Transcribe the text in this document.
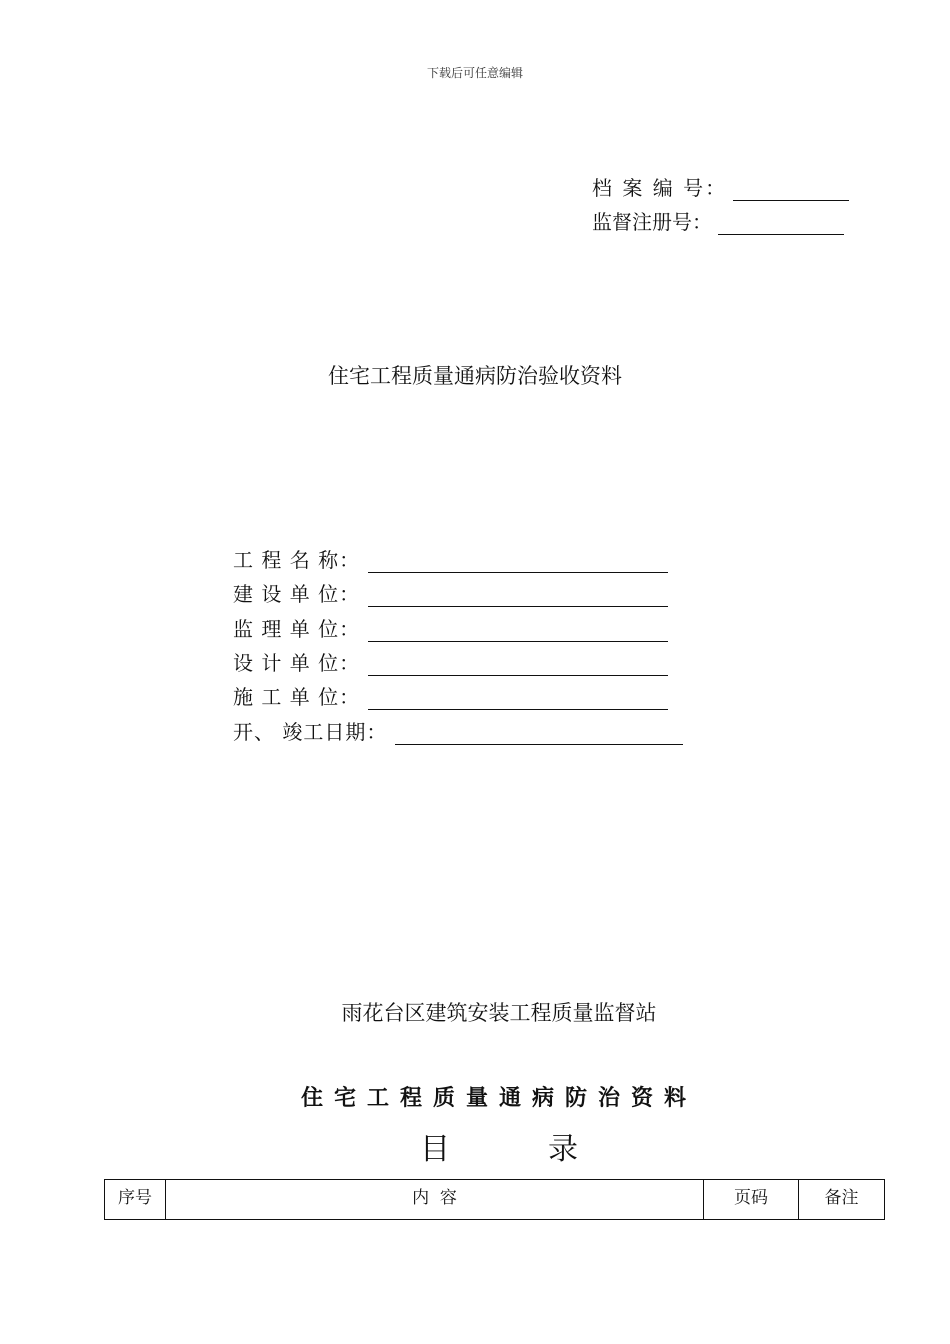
下载后可任意编辑
档 案 编 号：
监督注册号：
住宅工程质量通病防治验收资料
工 程 名 称：
建 设 单 位：
监 理 单 位：
设 计 单 位：
施 工 单 位：
开、 竣工日期：
雨花台区建筑安装工程质量监督站
住宅工程质量通病防治资料
目	录
序号	内  容	页码	备注
